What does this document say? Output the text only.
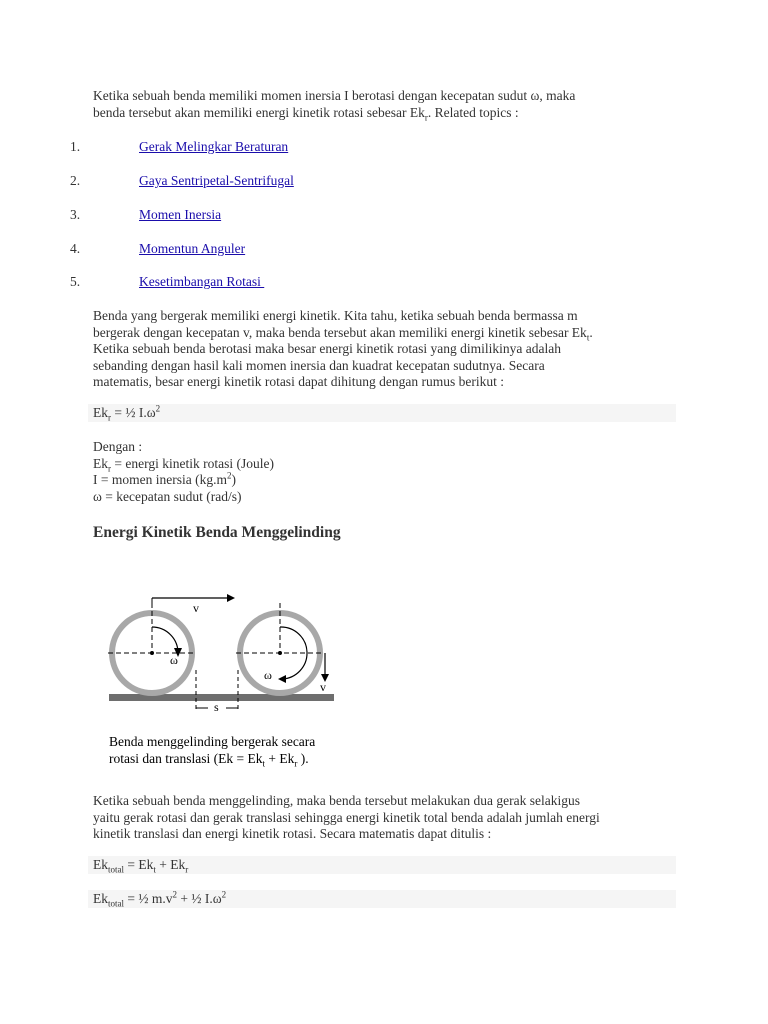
Ketika sebuah benda memiliki momen inersia I berotasi dengan kecepatan sudut ω, maka

benda tersebut akan memiliki energi kinetik rotasi sebesar $Ek_r$. Related topics :

1.	Gerak Melingkar Beraturan
2.	Gaya Sentripetal-Sentrifugal
3.	Momen Inersia
4.	Momentun Anguler
5.	Kesetimbangan Rotasi

Benda yang bergerak memiliki energi kinetik. Kita tahu, ketika sebuah benda bermassa m

bergerak dengan kecepatan v, maka benda tersebut akan memiliki energi kinetik sebesar $Ek_t$.

Ketika sebuah benda berotasi maka besar energi kinetik rotasi yang dimilikinya adalah

sebanding dengan hasil kali momen inersia dan kuadrat kecepatan sudutnya. Secara

matematis, besar energi kinetik rotasi dapat dihitung dengan rumus berikut :

$Ek_r$ = ½ $I.\omega^2$

Dengan :

$Ek_r$ = energi kinetik rotasi (Joule)

I = momen inersia $(kg.m^2)$

ω = kecepatan sudut (rad/s)

Energi Kinetik Benda Menggelinding
v
ω
ω
v
s
Benda menggelinding bergerak secara
rotasi dan translasi ($Ek = Ek_t + Ek_r$ ).

Ketika sebuah benda menggelinding, maka benda tersebut melakukan dua gerak selakigus

yaitu gerak rotasi dan gerak translasi sehingga energi kinetik total benda adalah jumlah energi

kinetik translasi dan energi kinetik rotasi. Secara matematis dapat ditulis :

$Ek_{total} = Ek_t + Ek_r$
$Ek_{total}$ = ½ $m.v^2$ + ½ $I.\omega^2$
